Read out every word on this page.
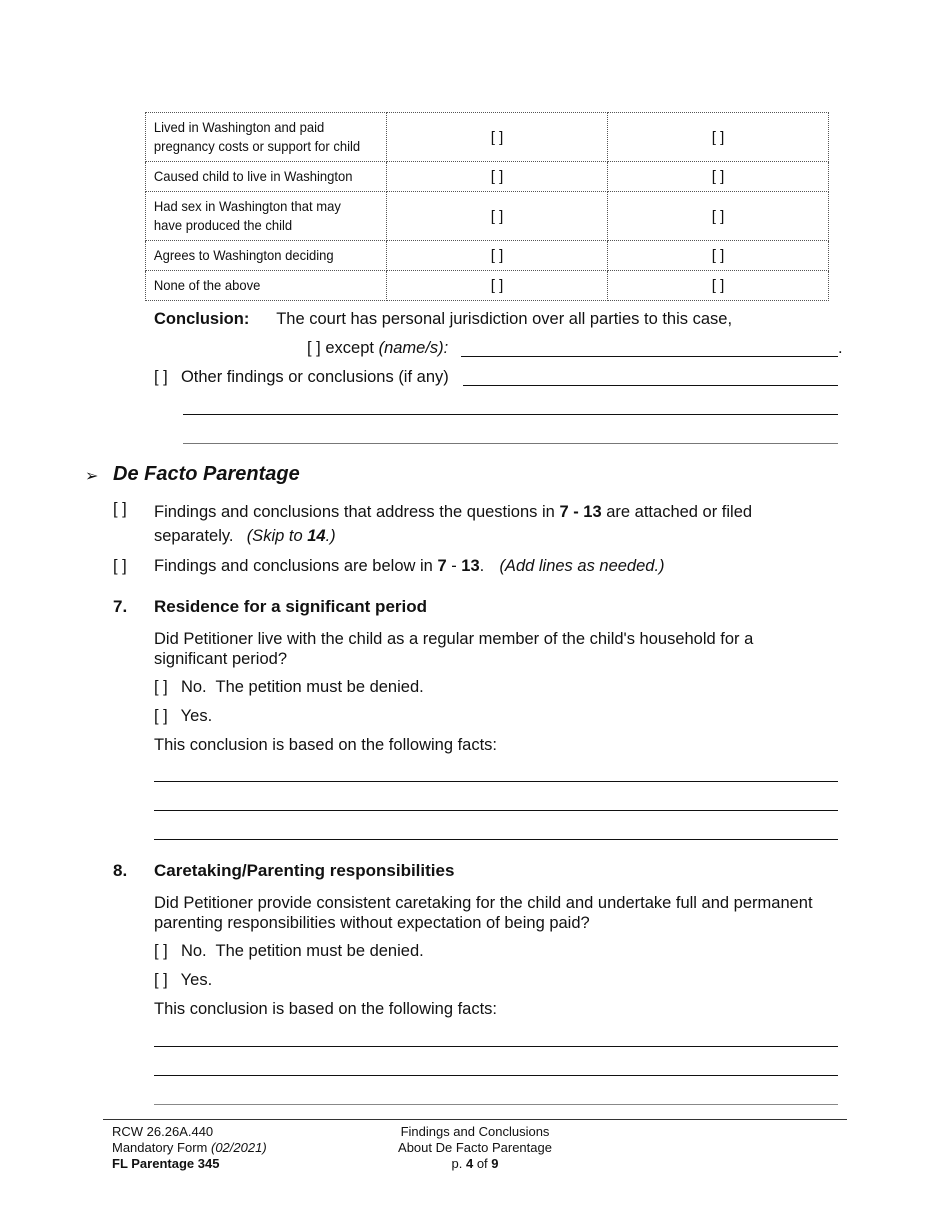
Lived in Washington and paid pregnancy costs or support for child	[ ]	[ ]
Caused child to live in Washington	[ ]	[ ]
Had sex in Washington that may have produced the child	[ ]	[ ]
Agrees to Washington deciding	[ ]	[ ]
None of the above	[ ]	[ ]
Conclusion: The court has personal jurisdiction over all parties to this case,
[ ] except (name/s):	.
[ ] Other findings or conclusions (if any)
➢ De Facto Parentage
[ ] Findings and conclusions that address the questions in 7 - 13 are attached or filed
separately. (Skip to 14.)
[ ] Findings and conclusions are below in 7 - 13. (Add lines as needed.)
7. Residence for a significant period
Did Petitioner live with the child as a regular member of the child's household for a significant period?
[ ] No.  The petition must be denied.
[ ] Yes.
This conclusion is based on the following facts:
8. Caretaking/Parenting responsibilities
Did Petitioner provide consistent caretaking for the child and undertake full and permanent parenting responsibilities without expectation of being paid?
[ ] No.  The petition must be denied.
[ ] Yes.
This conclusion is based on the following facts:
RCW 26.26A.440
Mandatory Form (02/2021)
FL Parentage 345
Findings and Conclusions
About De Facto Parentage
p. 4 of 9
